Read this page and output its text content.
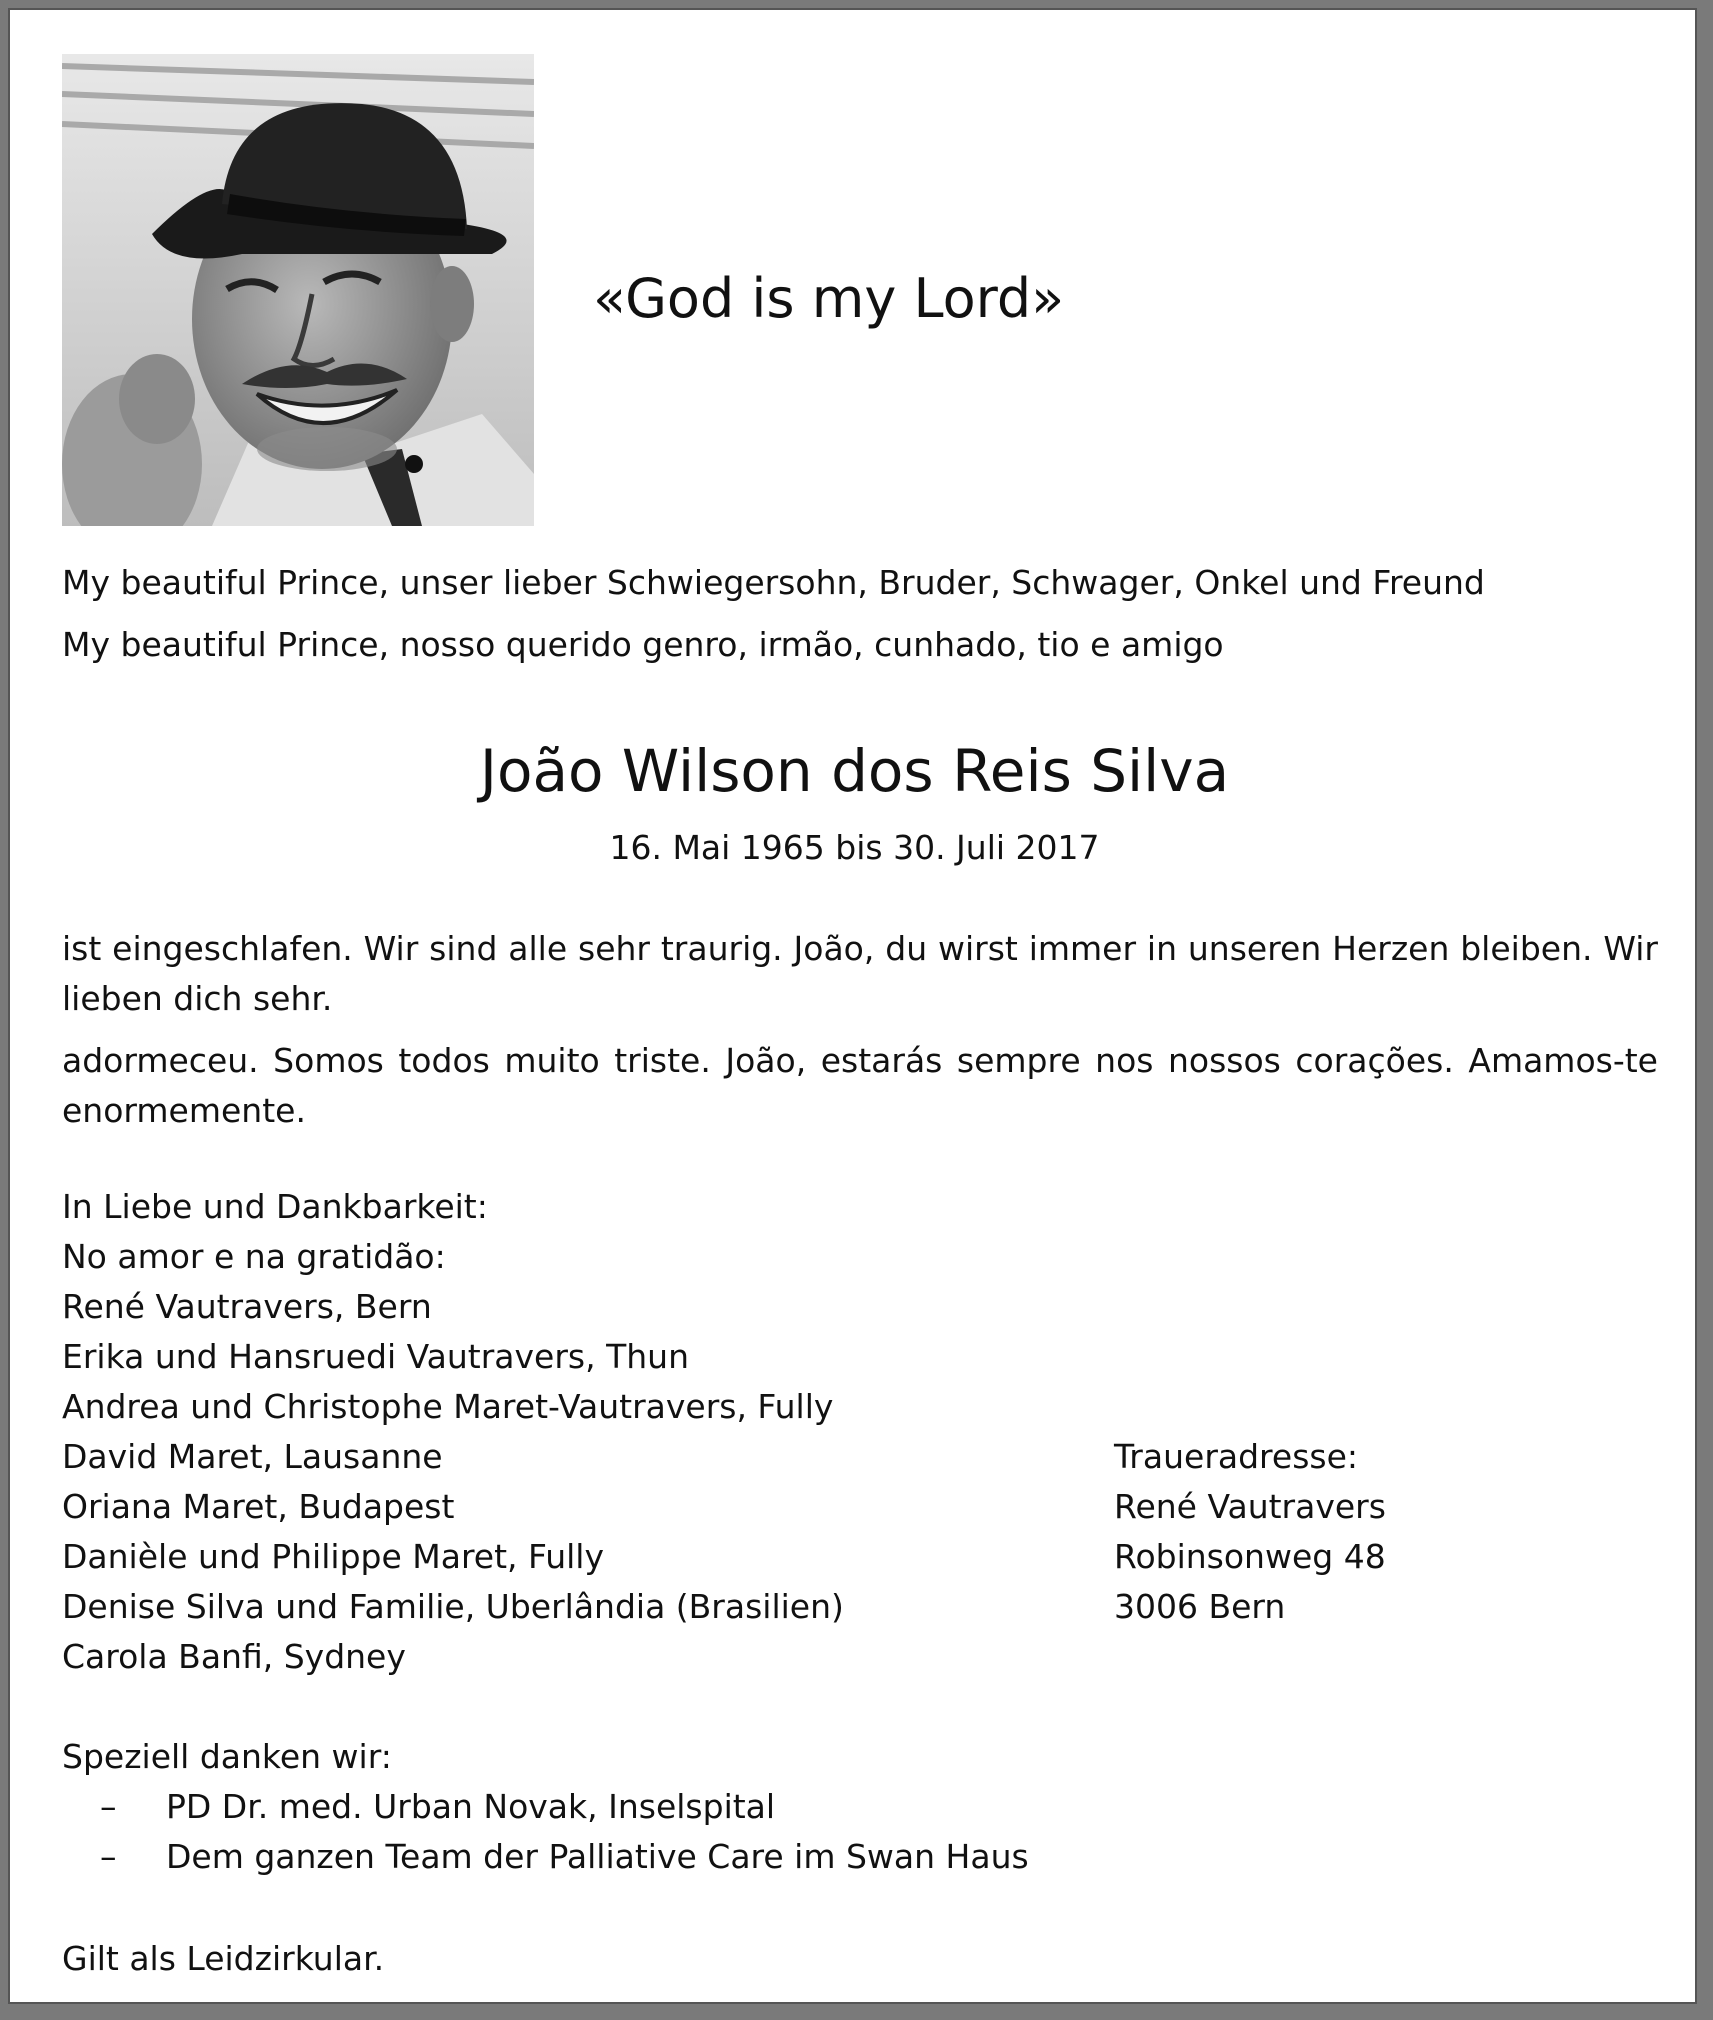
«God is my Lord»
My beautiful Prince, unser lieber Schwiegersohn, Bruder, Schwager, Onkel und Freund
My beautiful Prince, nosso querido genro, irmão, cunhado, tio e amigo
João Wilson dos Reis Silva
16. Mai 1965 bis 30. Juli 2017
ist eingeschlafen. Wir sind alle sehr traurig. João, du wirst immer in unseren Herzen bleiben. Wir lieben dich sehr.
adormeceu. Somos todos muito triste. João, estarás sempre nos nossos corações. Amamos-te enormemente.
In Liebe und Dankbarkeit:
No amor e na gratidão:
René Vautravers, Bern
Erika und Hansruedi Vautravers, Thun
Andrea und Christophe Maret-Vautravers, Fully
David Maret, Lausanne
Oriana Maret, Budapest
Danièle und Philippe Maret, Fully
Denise Silva und Familie, Uberlândia (Brasilien)
Carola Banfi, Sydney
Traueradresse:
René Vautravers
Robinsonweg 48
3006 Bern
Speziell danken wir:
– PD Dr. med. Urban Novak, Inselspital
– Dem ganzen Team der Palliative Care im Swan Haus
Gilt als Leidzirkular.
